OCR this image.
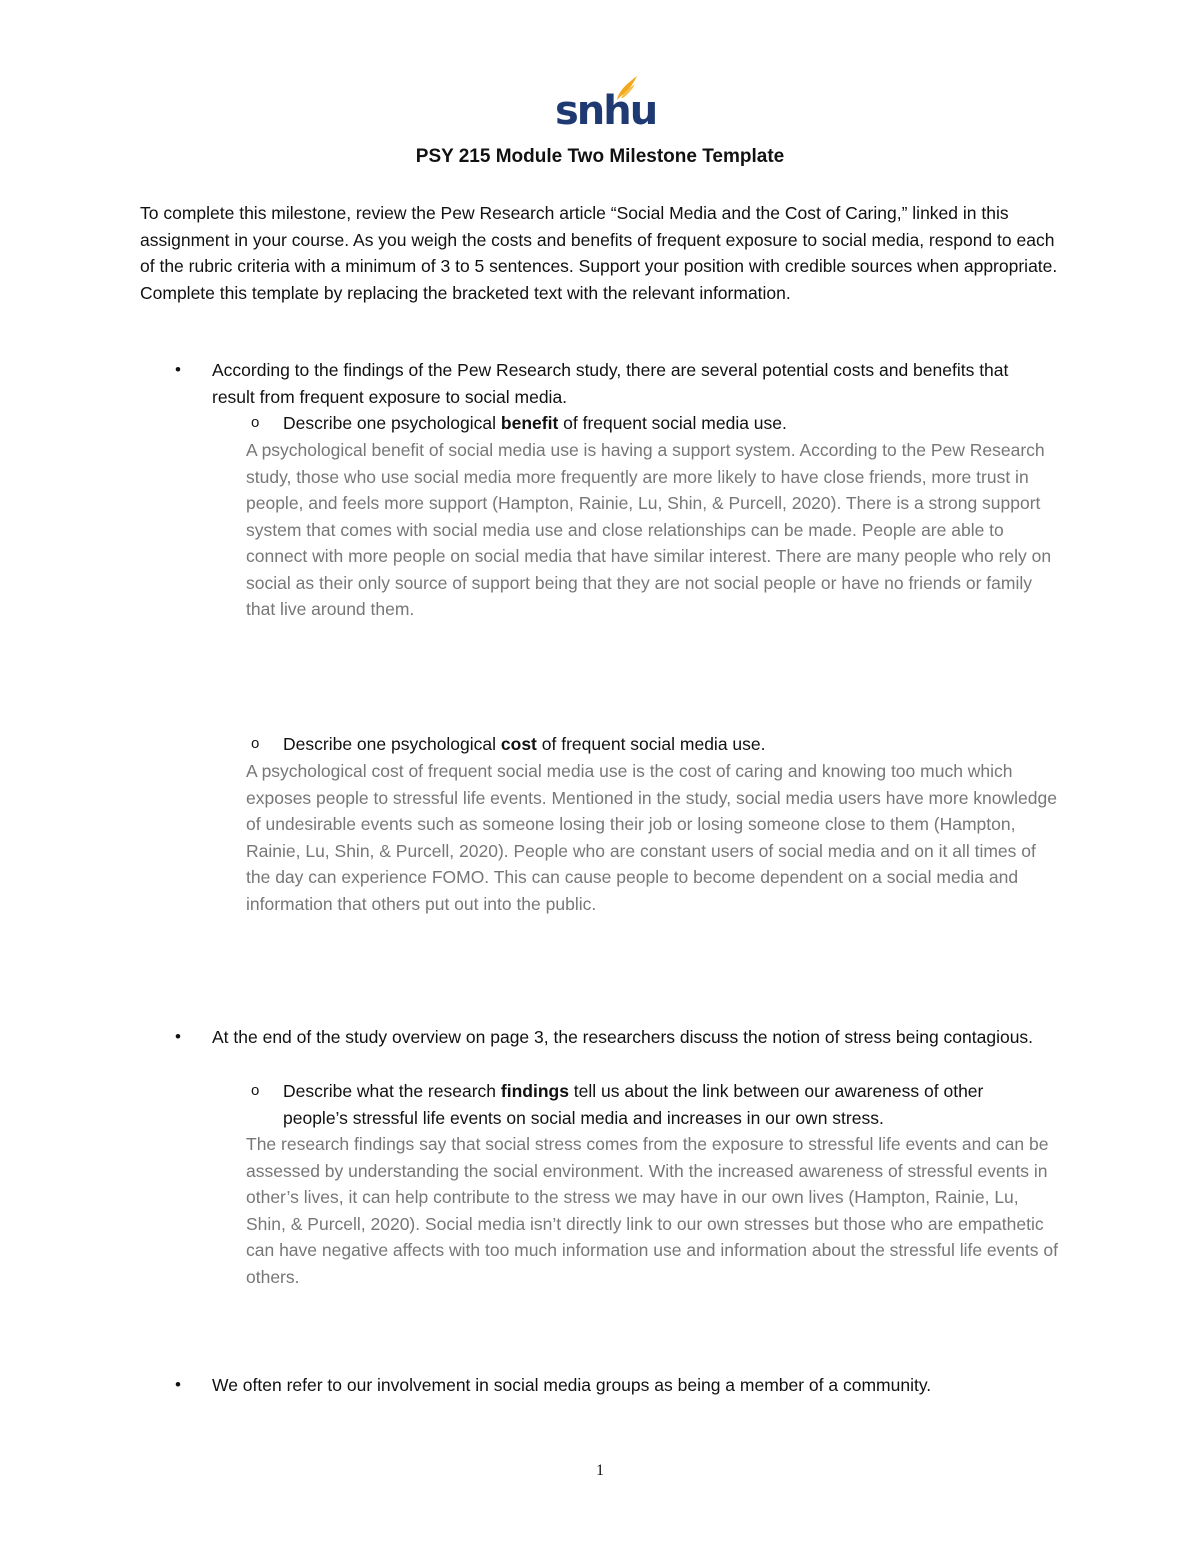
snhu
PSY 215 Module Two Milestone Template
To complete this milestone, review the Pew Research article “Social Media and the Cost of Caring,” linked in this assignment in your course. As you weigh the costs and benefits of frequent exposure to social media, respond to each of the rubric criteria with a minimum of 3 to 5 sentences. Support your position with credible sources when appropriate. Complete this template by replacing the bracketed text with the relevant information.
• According to the findings of the Pew Research study, there are several potential costs and benefits that result from frequent exposure to social media.
o Describe one psychological benefit of frequent social media use.
A psychological benefit of social media use is having a support system. According to the Pew Research study, those who use social media more frequently are more likely to have close friends, more trust in people, and feels more support (Hampton, Rainie, Lu, Shin, & Purcell, 2020). There is a strong support system that comes with social media use and close relationships can be made. People are able to connect with more people on social media that have similar interest. There are many people who rely on social as their only source of support being that they are not social people or have no friends or family that live around them.
o Describe one psychological cost of frequent social media use.
A psychological cost of frequent social media use is the cost of caring and knowing too much which exposes people to stressful life events. Mentioned in the study, social media users have more knowledge of undesirable events such as someone losing their job or losing someone close to them (Hampton, Rainie, Lu, Shin, & Purcell, 2020). People who are constant users of social media and on it all times of the day can experience FOMO. This can cause people to become dependent on a social media and information that others put out into the public.
• At the end of the study overview on page 3, the researchers discuss the notion of stress being contagious.
o Describe what the research findings tell us about the link between our awareness of other people’s stressful life events on social media and increases in our own stress.
The research findings say that social stress comes from the exposure to stressful life events and can be assessed by understanding the social environment. With the increased awareness of stressful events in other’s lives, it can help contribute to the stress we may have in our own lives (Hampton, Rainie, Lu, Shin, & Purcell, 2020). Social media isn’t directly link to our own stresses but those who are empathetic can have negative affects with too much information use and information about the stressful life events of others.
• We often refer to our involvement in social media groups as being a member of a community.
1
